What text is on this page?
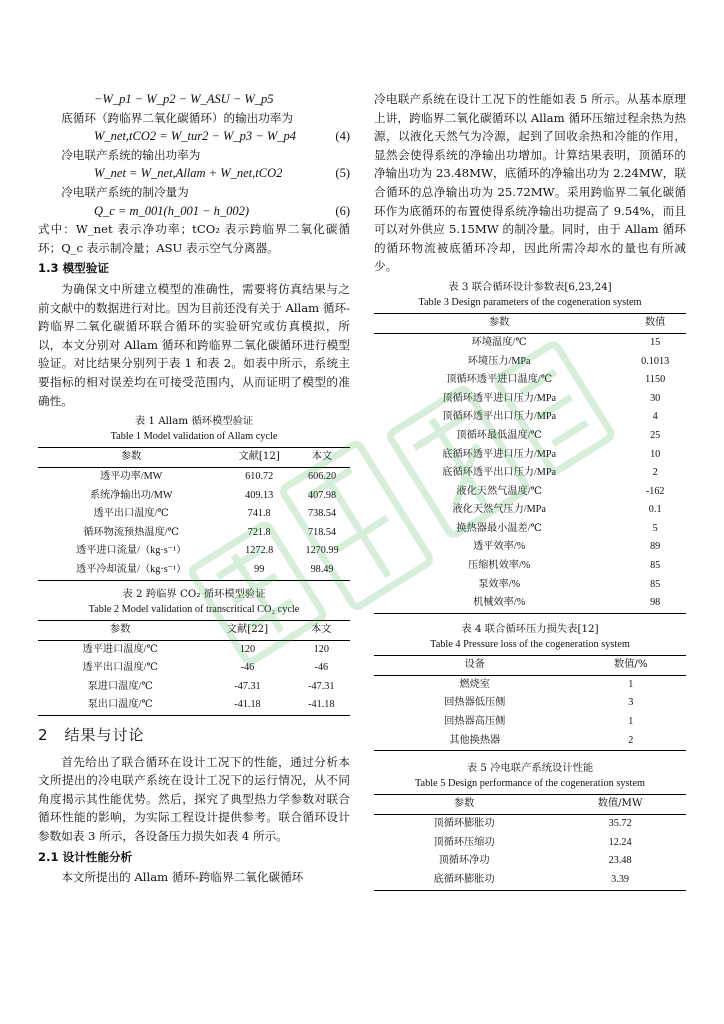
−W_p1 − W_p2 − W_ASU − W_p5

底循环（跨临界二氧化碳循环）的输出功率为

W_net,tCO2 = W_tur2 − W_p3 − W_p4	(4)

冷电联产系统的输出功率为

W_net = W_net,Allam + W_net,tCO2	(5)

冷电联产系统的制冷量为

Q_c = m_001(h_001 − h_002)	(6)

式中：W_net 表示净功率；tCO₂ 表示跨临界二氧化碳循环；Q_c 表示制冷量；ASU 表示空气分离器。

1.3 模型验证

为确保文中所建立模型的准确性，需要将仿真结果与之前文献中的数据进行对比。因为目前还没有关于 Allam 循环-跨临界二氧化碳循环联合循环的实验研究或仿真模拟，所以，本文分别对 Allam 循环和跨临界二氧化碳循环进行模型验证。对比结果分别列于表 1 和表 2。如表中所示，系统主要指标的相对误差均在可接受范围内，从而证明了模型的准确性。

表 1 Allam 循环模型验证
Table 1 Model validation of Allam cycle
参数	文献[12]	本文
透平功率/MW	610.72	606.20
系统净输出功/MW	409.13	407.98
透平出口温度/℃	741.8	738.54
循环物流预热温度/℃	721.8	718.54
透平进口流量/（kg·s⁻¹）	1272.8	1270.99
透平冷却流量/（kg·s⁻¹）	99	98.49
表 2 跨临界 CO₂ 循环模型验证
Table 2 Model validation of transcritical CO₂ cycle
参数	文献[22]	本文
透平进口温度/℃	120	120
透平出口温度/℃	-46	-46
泵进口温度/℃	-47.31	-47.31
泵出口温度/℃	-41.18	-41.18
2 结果与讨论

首先给出了联合循环在设计工况下的性能，通过分析本文所提出的冷电联产系统在设计工况下的运行情况，从不同角度揭示其性能优势。然后，探究了典型热力学参数对联合循环性能的影响，为实际工程设计提供参考。联合循环设计参数如表 3 所示，各设备压力损失如表 4 所示。

2.1 设计性能分析

本文所提出的 Allam 循环-跨临界二氧化碳循环

冷电联产系统在设计工况下的性能如表 5 所示。从基本原理上讲，跨临界二氧化碳循环以 Allam 循环压缩过程余热为热源，以液化天然气为冷源，起到了回收余热和冷能的作用，显然会使得系统的净输出功增加。计算结果表明，顶循环的净输出功为 23.48MW，底循环的净输出功为 2.24MW，联合循环的总净输出功为 25.72MW。采用跨临界二氧化碳循环作为底循环的布置使得系统净输出功提高了 9.54%，而且可以对外供应 5.15MW 的制冷量。同时，由于 Allam 循环的循环物流被底循环冷却，因此所需冷却水的量也有所减少。

表 3 联合循环设计参数表[6,23,24]
Table 3 Design parameters of the cogeneration system
参数	数值
环境温度/℃	15
环境压力/MPa	0.1013
顶循环透平进口温度/℃	1150
顶循环透平进口压力/MPa	30
顶循环透平出口压力/MPa	4
顶循环最低温度/℃	25
底循环透平进口压力/MPa	10
底循环透平出口压力/MPa	2
液化天然气温度/℃	-162
液化天然气压力/MPa	0.1
换热器最小温差/℃	5
透平效率/%	89
压缩机效率/%	85
泵效率/%	85
机械效率/%	98
表 4 联合循环压力损失表[12]
Table 4 Pressure loss of the cogeneration system
设备	数值/%
燃烧室	1
回热器低压侧	3
回热器高压侧	1
其他换热器	2
表 5 冷电联产系统设计性能
Table 5 Design performance of the cogeneration system
参数	数值/MW
顶循环膨胀功	35.72
顶循环压缩功	12.24
顶循环净功	23.48
底循环膨胀功	3.39
